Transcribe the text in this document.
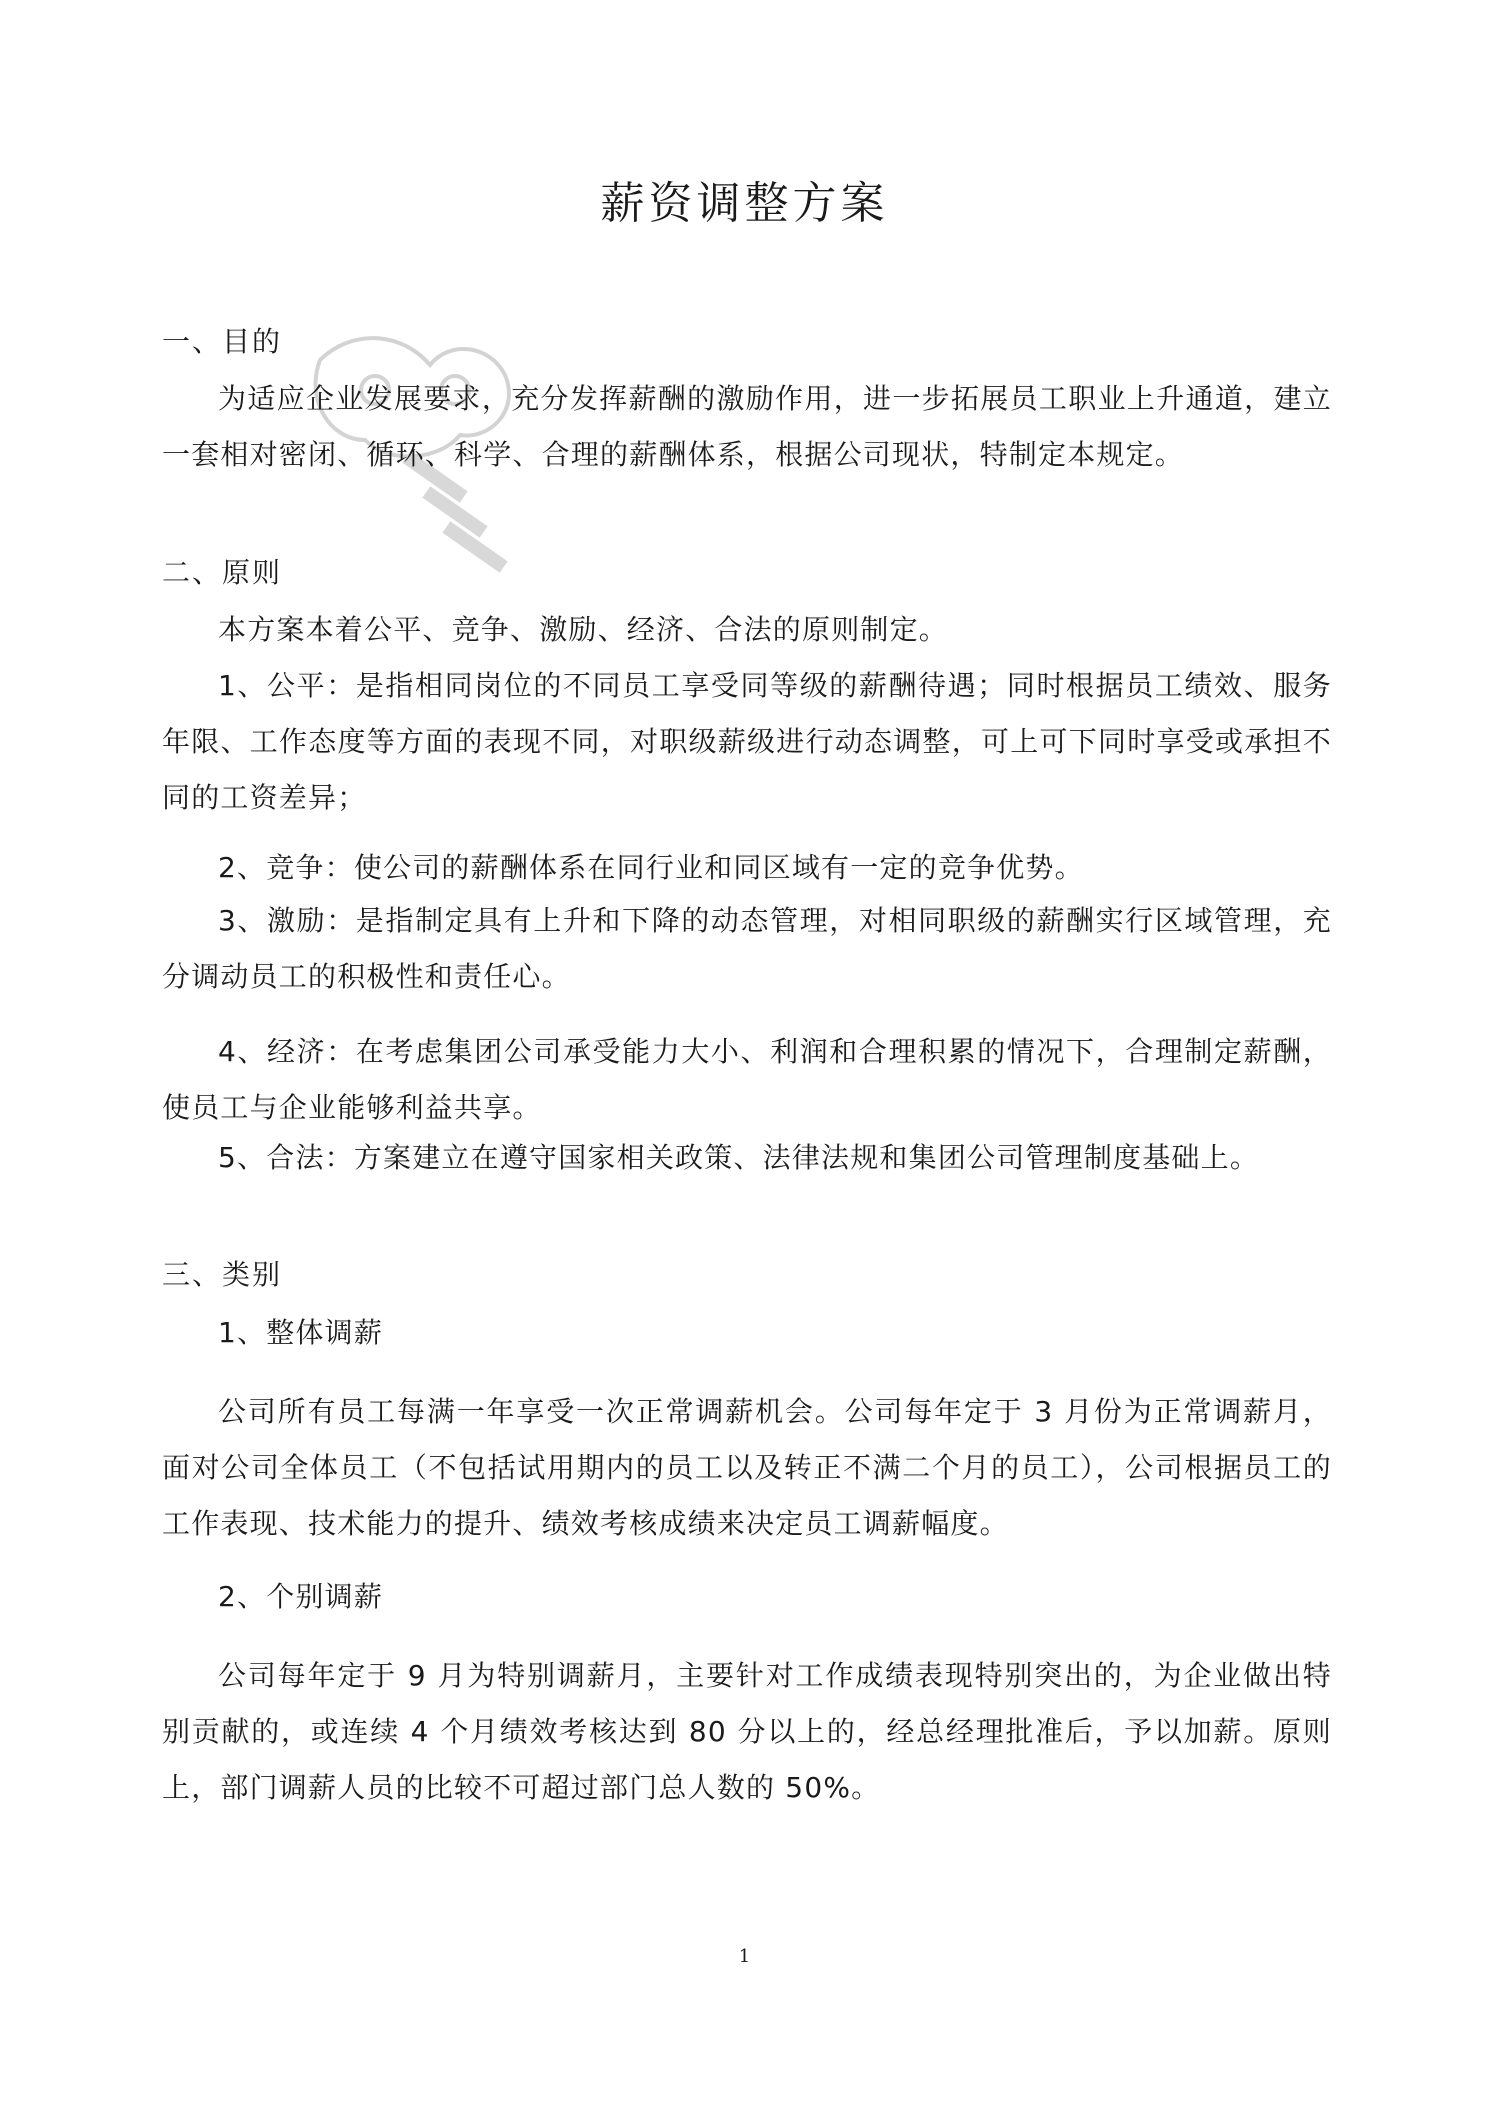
薪资调整方案
一、目的
为适应企业发展要求，充分发挥薪酬的激励作用，进一步拓展员工职业上升通道，建立一套相对密闭、循环、科学、合理的薪酬体系，根据公司现状，特制定本规定。
二、原则
本方案本着公平、竞争、激励、经济、合法的原则制定。
1、公平：是指相同岗位的不同员工享受同等级的薪酬待遇；同时根据员工绩效、服务年限、工作态度等方面的表现不同，对职级薪级进行动态调整，可上可下同时享受或承担不同的工资差异；
2、竞争：使公司的薪酬体系在同行业和同区域有一定的竞争优势。
3、激励：是指制定具有上升和下降的动态管理，对相同职级的薪酬实行区域管理，充分调动员工的积极性和责任心。
4、经济：在考虑集团公司承受能力大小、利润和合理积累的情况下，合理制定薪酬，使员工与企业能够利益共享。
5、合法：方案建立在遵守国家相关政策、法律法规和集团公司管理制度基础上。
三、类别
1、整体调薪
公司所有员工每满一年享受一次正常调薪机会。公司每年定于 3 月份为正常调薪月，面对公司全体员工（不包括试用期内的员工以及转正不满二个月的员工），公司根据员工的工作表现、技术能力的提升、绩效考核成绩来决定员工调薪幅度。
2、个别调薪
公司每年定于 9 月为特别调薪月，主要针对工作成绩表现特别突出的，为企业做出特别贡献的，或连续 4 个月绩效考核达到 80 分以上的，经总经理批准后，予以加薪。原则上，部门调薪人员的比较不可超过部门总人数的 50%。
1
